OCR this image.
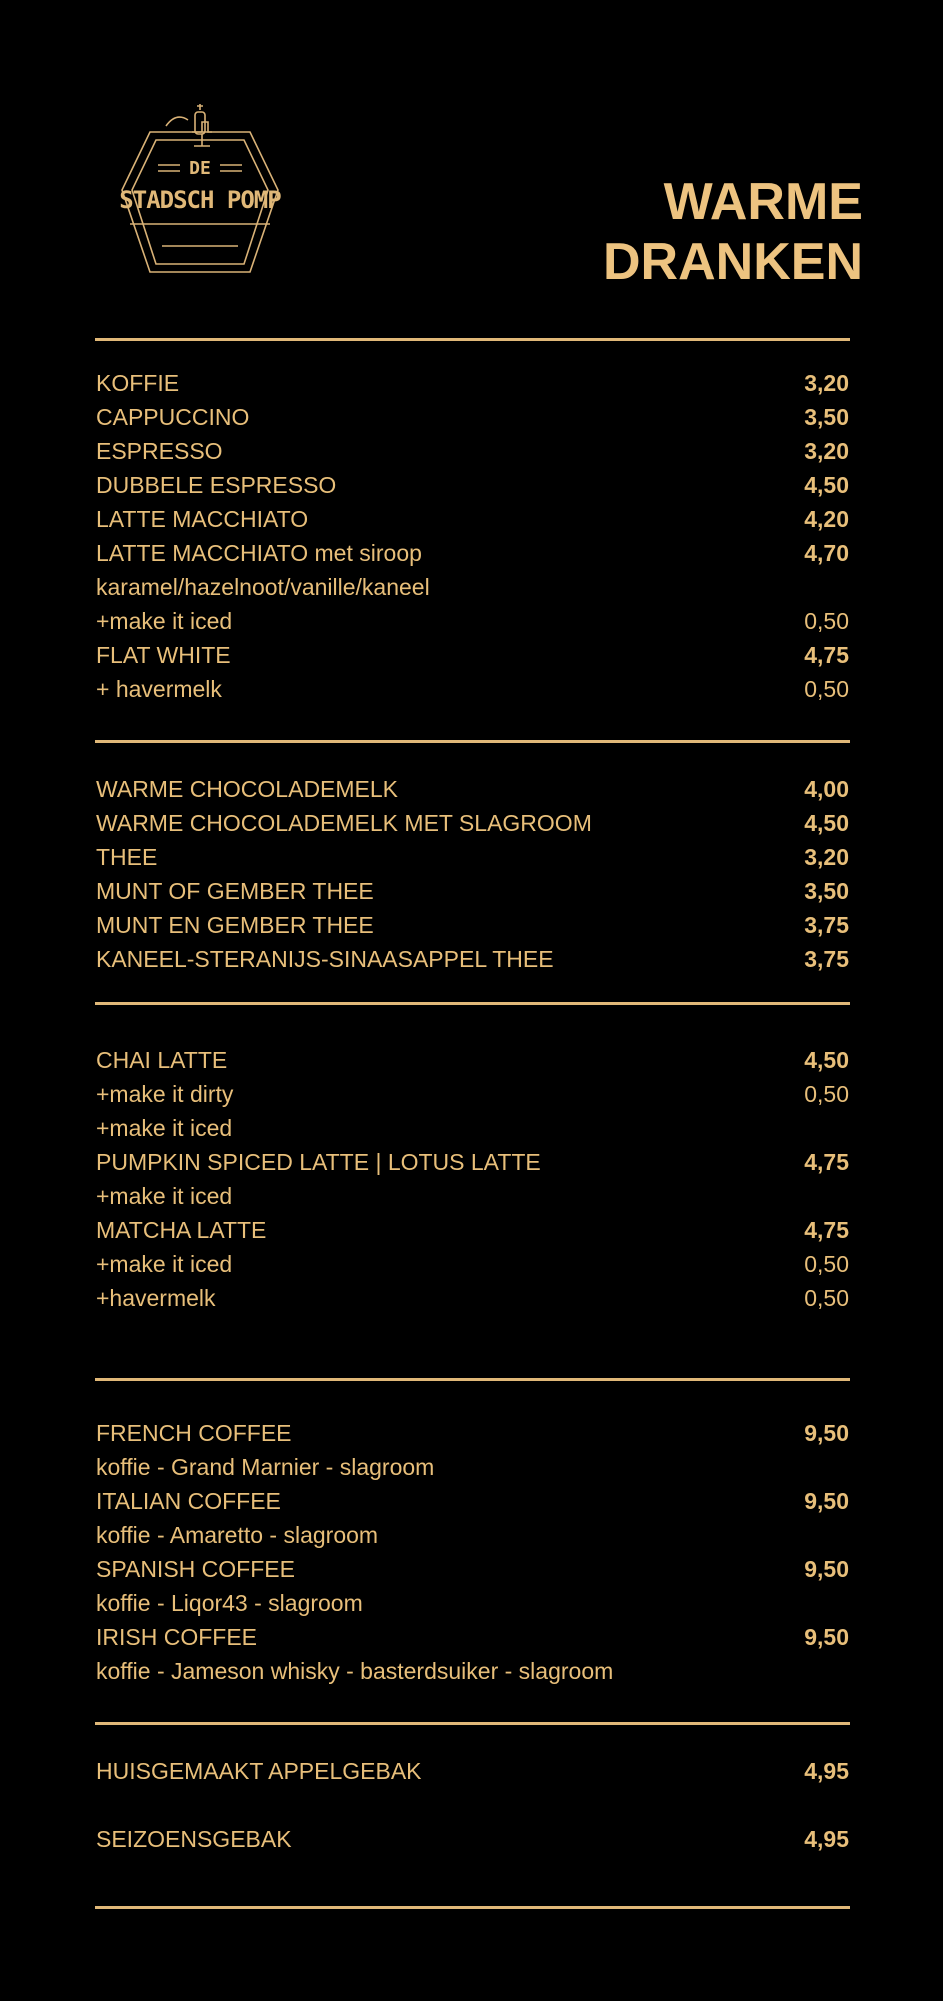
DE
STADSCH POMP	WARME DRANKEN
KOFFIE	3,20
CAPPUCCINO	3,50
ESPRESSO	3,20
DUBBELE ESPRESSO	4,50
LATTE MACCHIATO	4,20
LATTE MACCHIATO met siroop	4,70
karamel/hazelnoot/vanille/kaneel
+make it iced	0,50
FLAT WHITE	4,75
+ havermelk	0,50
WARME CHOCOLADEMELK	4,00
WARME CHOCOLADEMELK MET SLAGROOM	4,50
THEE	3,20
MUNT OF GEMBER THEE	3,50
MUNT EN GEMBER THEE	3,75
KANEEL-STERANIJS-SINAASAPPEL THEE	3,75
CHAI LATTE	4,50
+make it dirty	0,50
+make it iced
PUMPKIN SPICED LATTE | LOTUS LATTE	4,75
+make it iced
MATCHA LATTE	4,75
+make it iced	0,50
+havermelk	0,50
FRENCH COFFEE	9,50
koffie - Grand Marnier - slagroom
ITALIAN COFFEE	9,50
koffie - Amaretto - slagroom
SPANISH COFFEE	9,50
koffie - Liqor43 - slagroom
IRISH COFFEE	9,50
koffie - Jameson whisky - basterdsuiker - slagroom
HUISGEMAAKT APPELGEBAK	4,95
SEIZOENSGEBAK	4,95
